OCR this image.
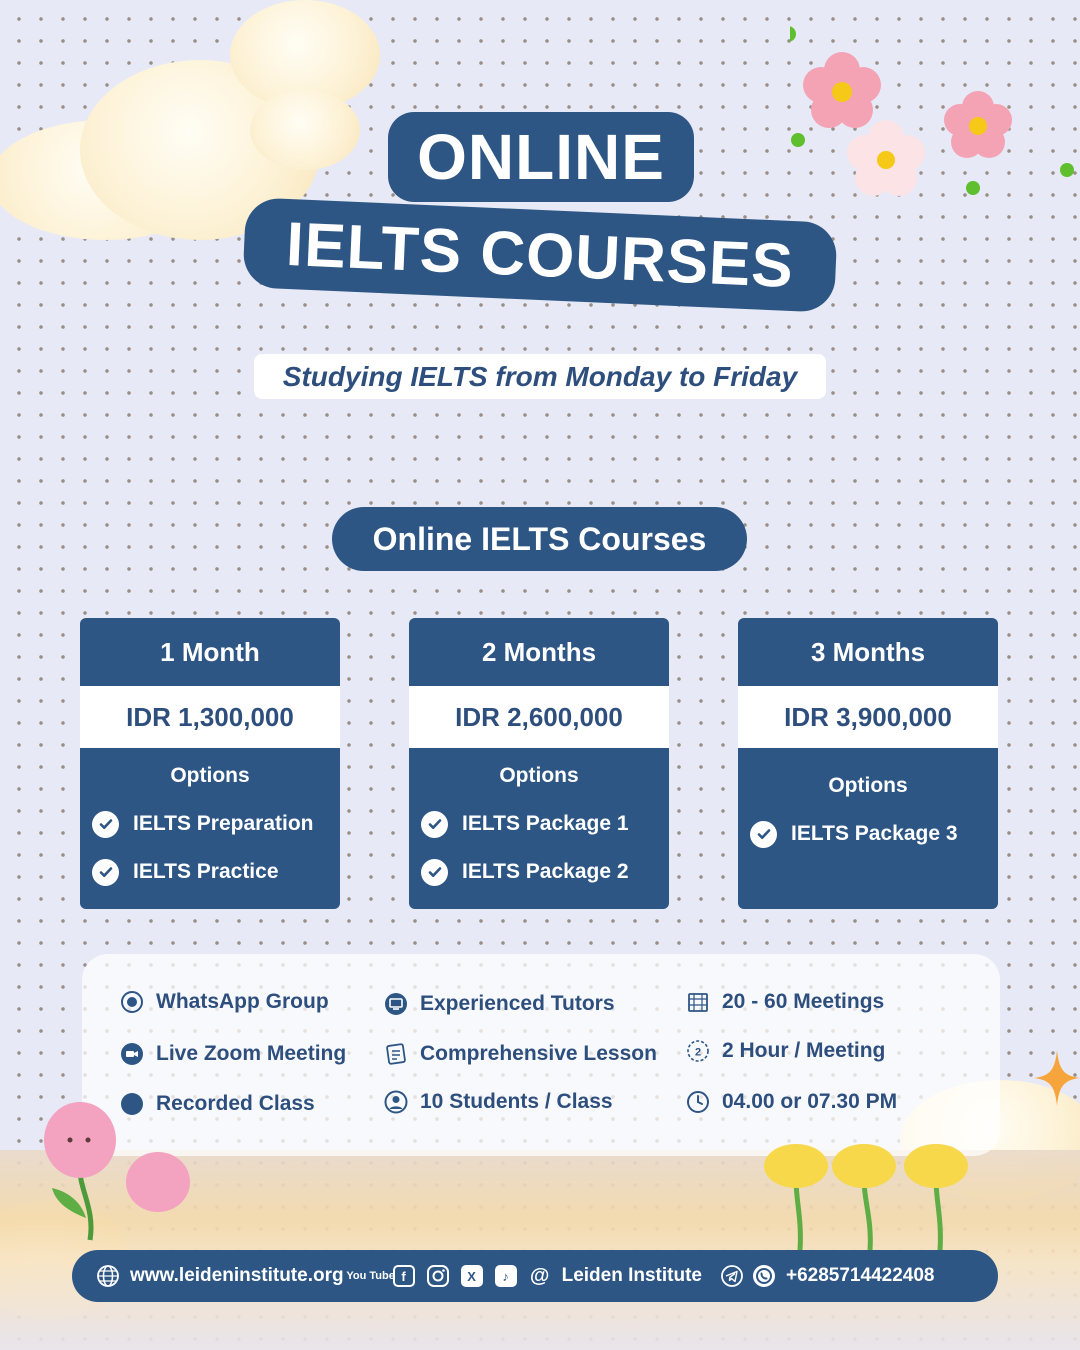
ONLINE
IELTS COURSES
Studying IELTS from Monday to Friday
Online IELTS Courses
1 Month
IDR 1,300,000
Options
IELTS Preparation
IELTS Practice
2 Months
IDR 2,600,000
Options
IELTS Package 1
IELTS Package 2
3 Months
IDR 3,900,000
Options
IELTS Package 3
WhatsApp Group
Live Zoom Meeting
Recorded Class
Experienced Tutors
Comprehensive Lesson
10 Students / Class
20 - 60 Meetings
2 2 Hour / Meeting
04.00 or 07.30 PM
www.leideninstitute.org You Tube f	X	♪	@ Leiden Institute	+6285714422408
